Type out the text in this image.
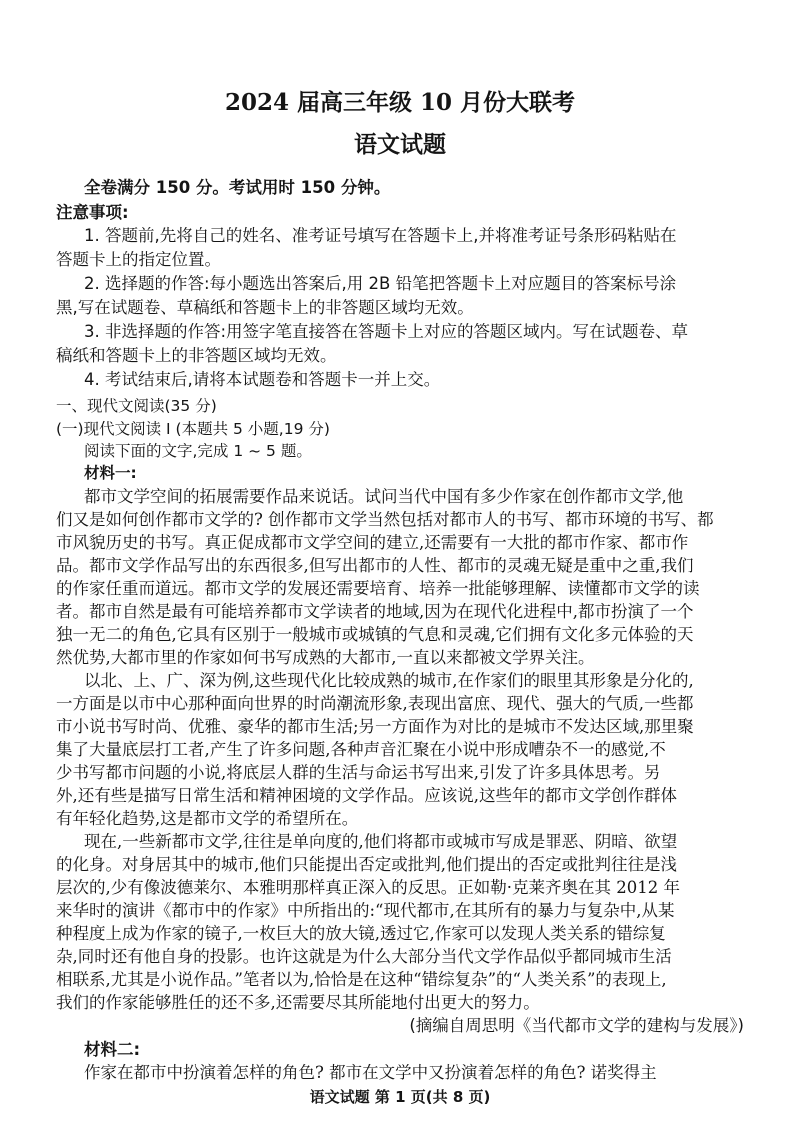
2024 届高三年级 10 月份大联考
语文试题
全卷满分 150 分。考试用时 150 分钟。
注意事项:
1. 答题前,先将自己的姓名、准考证号填写在答题卡上,并将准考证号条形码粘贴在
答题卡上的指定位置。
2. 选择题的作答:每小题选出答案后,用 2B 铅笔把答题卡上对应题目的答案标号涂
黑,写在试题卷、草稿纸和答题卡上的非答题区域均无效。
3. 非选择题的作答:用签字笔直接答在答题卡上对应的答题区域内。写在试题卷、草
稿纸和答题卡上的非答题区域均无效。
4. 考试结束后,请将本试题卷和答题卡一并上交。
一、现代文阅读(35 分)
(一)现代文阅读 I (本题共 5 小题,19 分)
阅读下面的文字,完成 1 ~ 5 题。
材料一:
都市文学空间的拓展需要作品来说话。试问当代中国有多少作家在创作都市文学,他
们又是如何创作都市文学的? 创作都市文学当然包括对都市人的书写、都市环境的书写、都
市风貌历史的书写。真正促成都市文学空间的建立,还需要有一大批的都市作家、都市作
品。都市文学作品写出的东西很多,但写出都市的人性、都市的灵魂无疑是重中之重,我们
的作家任重而道远。都市文学的发展还需要培育、培养一批能够理解、读懂都市文学的读
者。都市自然是最有可能培养都市文学读者的地域,因为在现代化进程中,都市扮演了一个
独一无二的角色,它具有区别于一般城市或城镇的气息和灵魂,它们拥有文化多元体验的天
然优势,大都市里的作家如何书写成熟的大都市,一直以来都被文学界关注。
以北、上、广、深为例,这些现代化比较成熟的城市,在作家们的眼里其形象是分化的,
一方面是以市中心那种面向世界的时尚潮流形象,表现出富庶、现代、强大的气质,一些都
市小说书写时尚、优雅、豪华的都市生活;另一方面作为对比的是城市不发达区域,那里聚
集了大量底层打工者,产生了许多问题,各种声音汇聚在小说中形成嘈杂不一的感觉,不
少书写都市问题的小说,将底层人群的生活与命运书写出来,引发了许多具体思考。另
外,还有些是描写日常生活和精神困境的文学作品。应该说,这些年的都市文学创作群体
有年轻化趋势,这是都市文学的希望所在。
现在,一些新都市文学,往往是单向度的,他们将都市或城市写成是罪恶、阴暗、欲望
的化身。对身居其中的城市,他们只能提出否定或批判,他们提出的否定或批判往往是浅
层次的,少有像波德莱尔、本雅明那样真正深入的反思。正如勒·克莱齐奥在其 2012 年
来华时的演讲《都市中的作家》中所指出的:“现代都市,在其所有的暴力与复杂中,从某
种程度上成为作家的镜子,一枚巨大的放大镜,透过它,作家可以发现人类关系的错综复
杂,同时还有他自身的投影。也许这就是为什么大部分当代文学作品似乎都同城市生活
相联系,尤其是小说作品。”笔者以为,恰恰是在这种“错综复杂”的“人类关系”的表现上,
我们的作家能够胜任的还不多,还需要尽其所能地付出更大的努力。
(摘编自周思明《当代都市文学的建构与发展》)
材料二:
作家在都市中扮演着怎样的角色? 都市在文学中又扮演着怎样的角色? 诺奖得主
语文试题 第 1 页(共 8 页)
